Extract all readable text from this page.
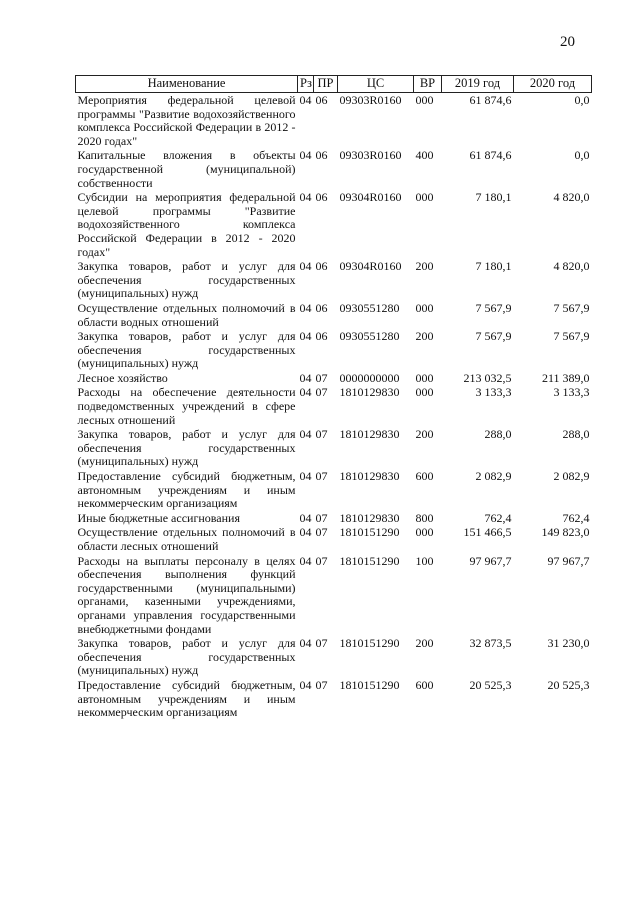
20
Наименование	Рз	ПР	ЦС	ВР	2019 год	2020 год
Мероприятия федеральной целевой программы "Развитие водохозяйственного комплекса Российской Федерации в 2012 - 2020 годах"	04	06	09303R0160	000	61 874,6	0,0
Капитальные вложения в объекты государственной (муниципальной) собственности	04	06	09303R0160	400	61 874,6	0,0
Субсидии на мероприятия федеральной целевой программы "Развитие водохозяйственного комплекса Российской Федерации в 2012 - 2020 годах"	04	06	09304R0160	000	7 180,1	4 820,0
Закупка товаров, работ и услуг для обеспечения государственных (муниципальных) нужд	04	06	09304R0160	200	7 180,1	4 820,0
Осуществление отдельных полномочий в области водных отношений	04	06	0930551280	000	7 567,9	7 567,9
Закупка товаров, работ и услуг для обеспечения государственных (муниципальных) нужд	04	06	0930551280	200	7 567,9	7 567,9
Лесное хозяйство	04	07	0000000000	000	213 032,5	211 389,0
Расходы на обеспечение деятельности подведомственных учреждений в сфере лесных отношений	04	07	1810129830	000	3 133,3	3 133,3
Закупка товаров, работ и услуг для обеспечения государственных (муниципальных) нужд	04	07	1810129830	200	288,0	288,0
Предоставление субсидий бюджетным, автономным учреждениям и иным некоммерческим организациям	04	07	1810129830	600	2 082,9	2 082,9
Иные бюджетные ассигнования	04	07	1810129830	800	762,4	762,4
Осуществление отдельных полномочий в области лесных отношений	04	07	1810151290	000	151 466,5	149 823,0
Расходы на выплаты персоналу в целях обеспечения выполнения функций государственными (муниципальными) органами, казенными учреждениями, органами управления государственными внебюджетными фондами	04	07	1810151290	100	97 967,7	97 967,7
Закупка товаров, работ и услуг для обеспечения государственных (муниципальных) нужд	04	07	1810151290	200	32 873,5	31 230,0
Предоставление субсидий бюджетным, автономным учреждениям и иным некоммерческим организациям	04	07	1810151290	600	20 525,3	20 525,3
